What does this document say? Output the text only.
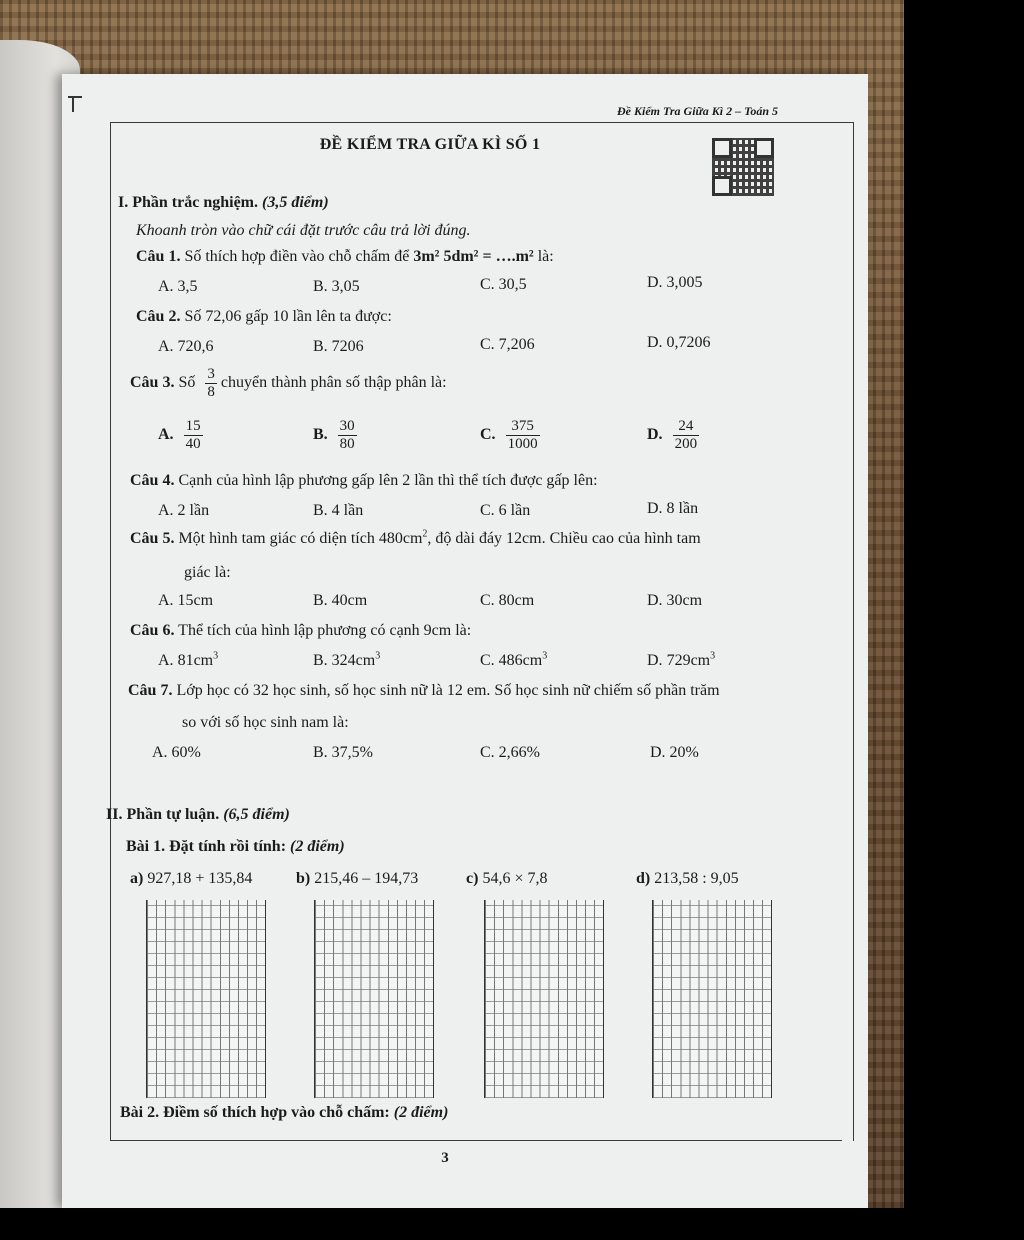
Đề Kiểm Tra Giữa Kì 2 – Toán 5
ĐỀ KIỂM TRA GIỮA KÌ SỐ 1
I. Phần trắc nghiệm. (3,5 điểm)
Khoanh tròn vào chữ cái đặt trước câu trả lời đúng.
Câu 1. Số thích hợp điền vào chỗ chấm để 3m² 5dm² = ….m² là:
A. 3,5	B. 3,05	C. 30,5	D. 3,005
Câu 2. Số 72,06 gấp 10 lần lên ta được:
A. 720,6	B. 7206	C. 7,206	D. 0,7206
Câu 3. Số $\frac{3}{8}$ chuyển thành phân số thập phân là:
A. $\frac{15}{40}$	B. $\frac{30}{80}$	C. $\frac{375}{1000}$	D. $\frac{24}{200}$
Câu 4. Cạnh của hình lập phương gấp lên 2 lần thì thể tích được gấp lên:
A. 2 lần	B. 4 lần	C. 6 lần	D. 8 lần
Câu 5. Một hình tam giác có diện tích $480cm^2$, độ dài đáy 12cm. Chiều cao của hình tam
giác là:
A. 15cm	B. 40cm	C. 80cm	D. 30cm
Câu 6. Thể tích của hình lập phương có cạnh 9cm là:
A. $81cm^3$	B. $324cm^3$	C. $486cm^3$	D. $729cm^3$
Câu 7. Lớp học có 32 học sinh, số học sinh nữ là 12 em. Số học sinh nữ chiếm số phần trăm
so với số học sinh nam là:
A. 60%	B. 37,5%	C. 2,66%	D. 20%
II. Phần tự luận. (6,5 điểm)
Bài 1. Đặt tính rồi tính: (2 điểm)
a) 927,18 + 135,84	b) 215,46 – 194,73	c) 54,6 × 7,8	d) 213,58 : 9,05
Bài 2. Điềm số thích hợp vào chỗ chấm: (2 điểm)
3
